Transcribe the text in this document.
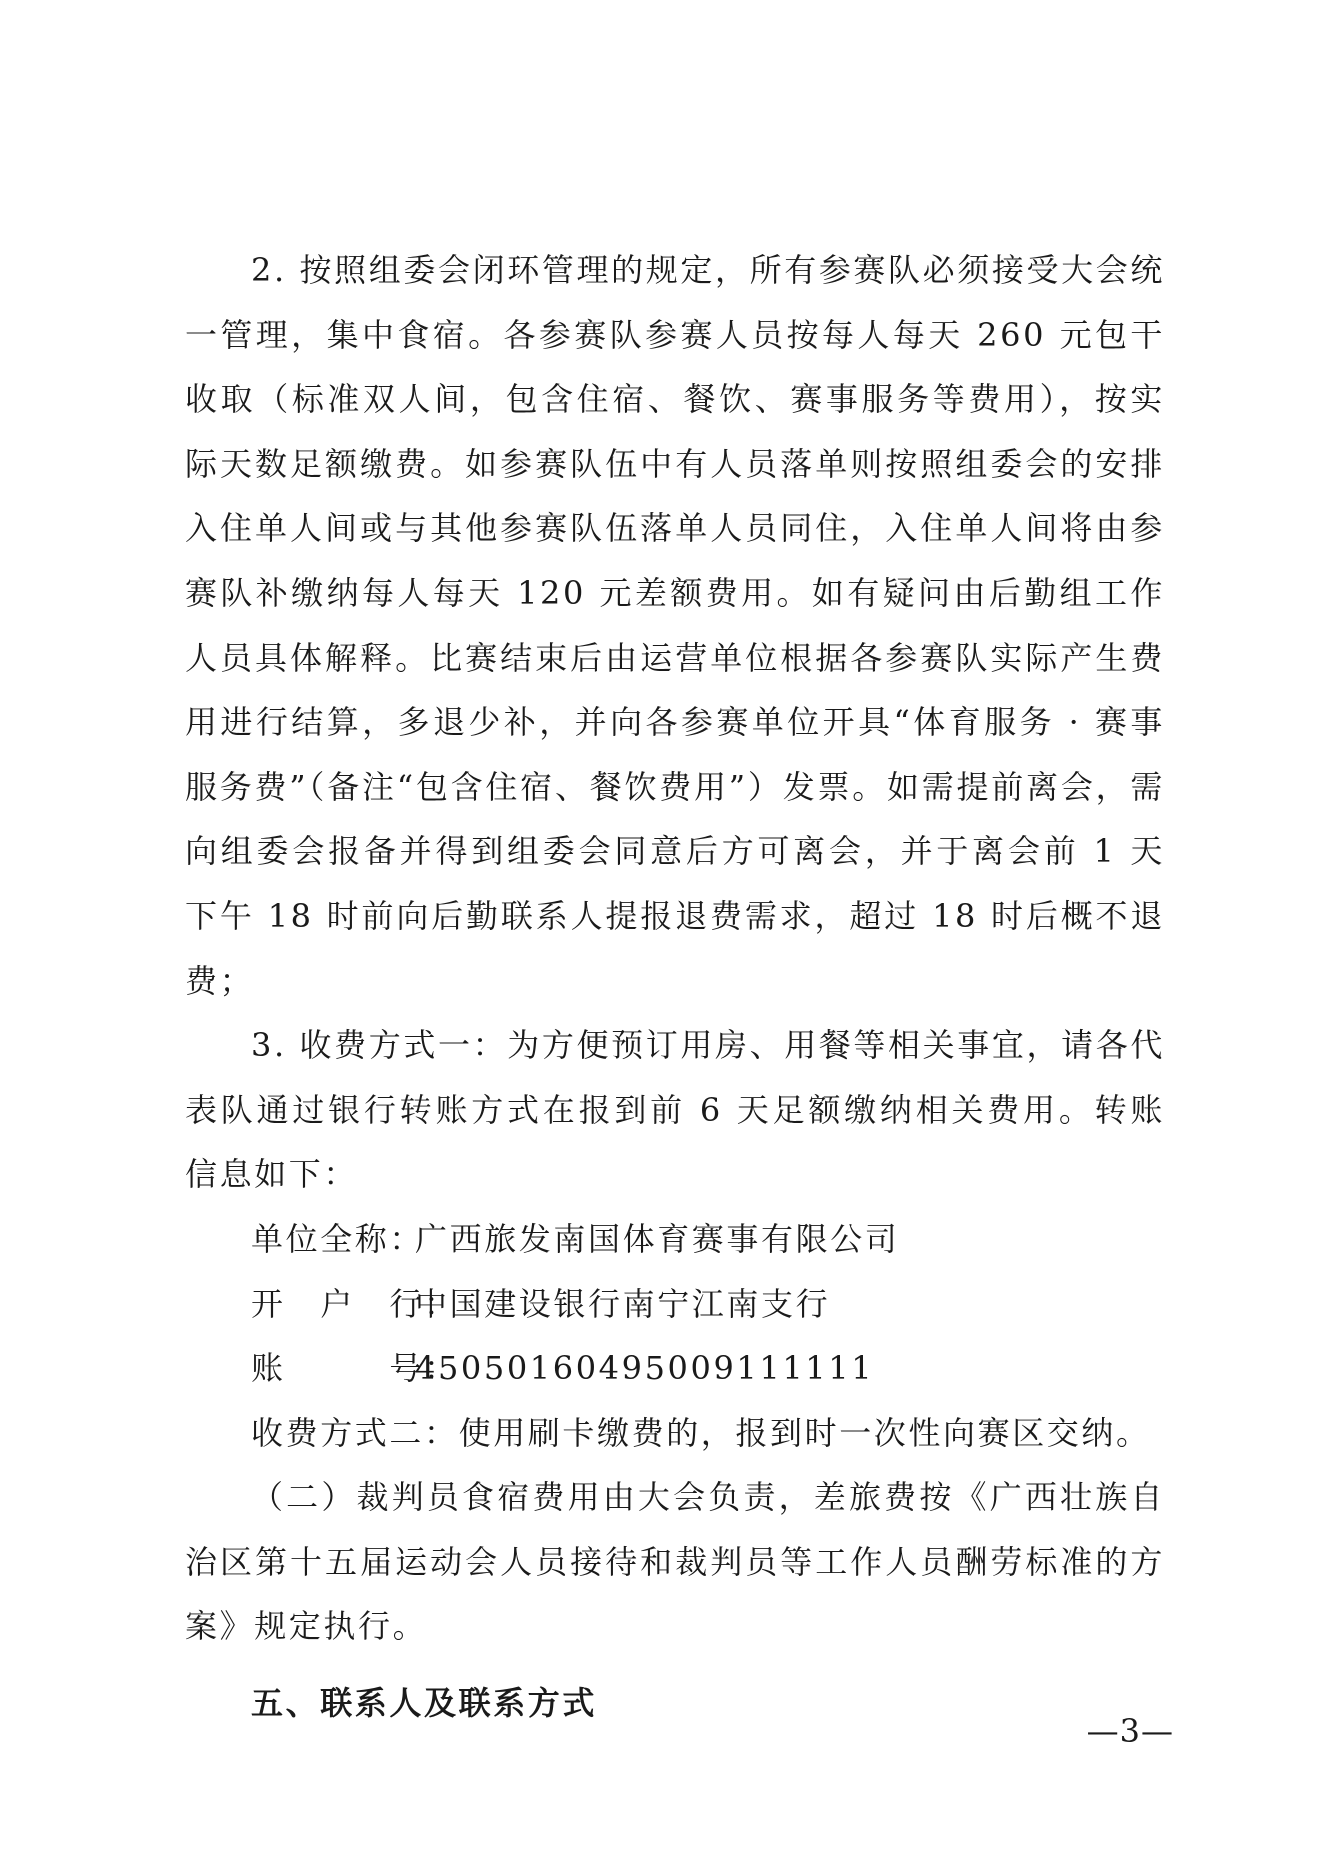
2. 按照组委会闭环管理的规定，所有参赛队必须接受大会统一管理，集中食宿。各参赛队参赛人员按每人每天 260 元包干收取（标准双人间，包含住宿、餐饮、赛事服务等费用），按实际天数足额缴费。如参赛队伍中有人员落单则按照组委会的安排入住单人间或与其他参赛队伍落单人员同住，入住单人间将由参赛队补缴纳每人每天 120 元差额费用。如有疑问由后勤组工作人员具体解释。比赛结束后由运营单位根据各参赛队实际产生费用进行结算，多退少补，并向各参赛单位开具“体育服务 · 赛事服务费”（备注“包含住宿、餐饮费用”）发票。如需提前离会，需向组委会报备并得到组委会同意后方可离会，并于离会前 1 天下午 18 时前向后勤联系人提报退费需求，超过 18 时后概不退费；

3. 收费方式一：为方便预订用房、用餐等相关事宜，请各代表队通过银行转账方式在报到前 6 天足额缴纳相关费用。转账信息如下：

单位全称：广西旅发南国体育赛事有限公司
开　户　行：中国建设银行南宁江南支行
账　　　号：45050160495009111111

收费方式二：使用刷卡缴费的，报到时一次性向赛区交纳。

（二）裁判员食宿费用由大会负责，差旅费按《广西壮族自治区第十五届运动会人员接待和裁判员等工作人员酬劳标准的方案》规定执行。

五、联系人及联系方式
—3—
